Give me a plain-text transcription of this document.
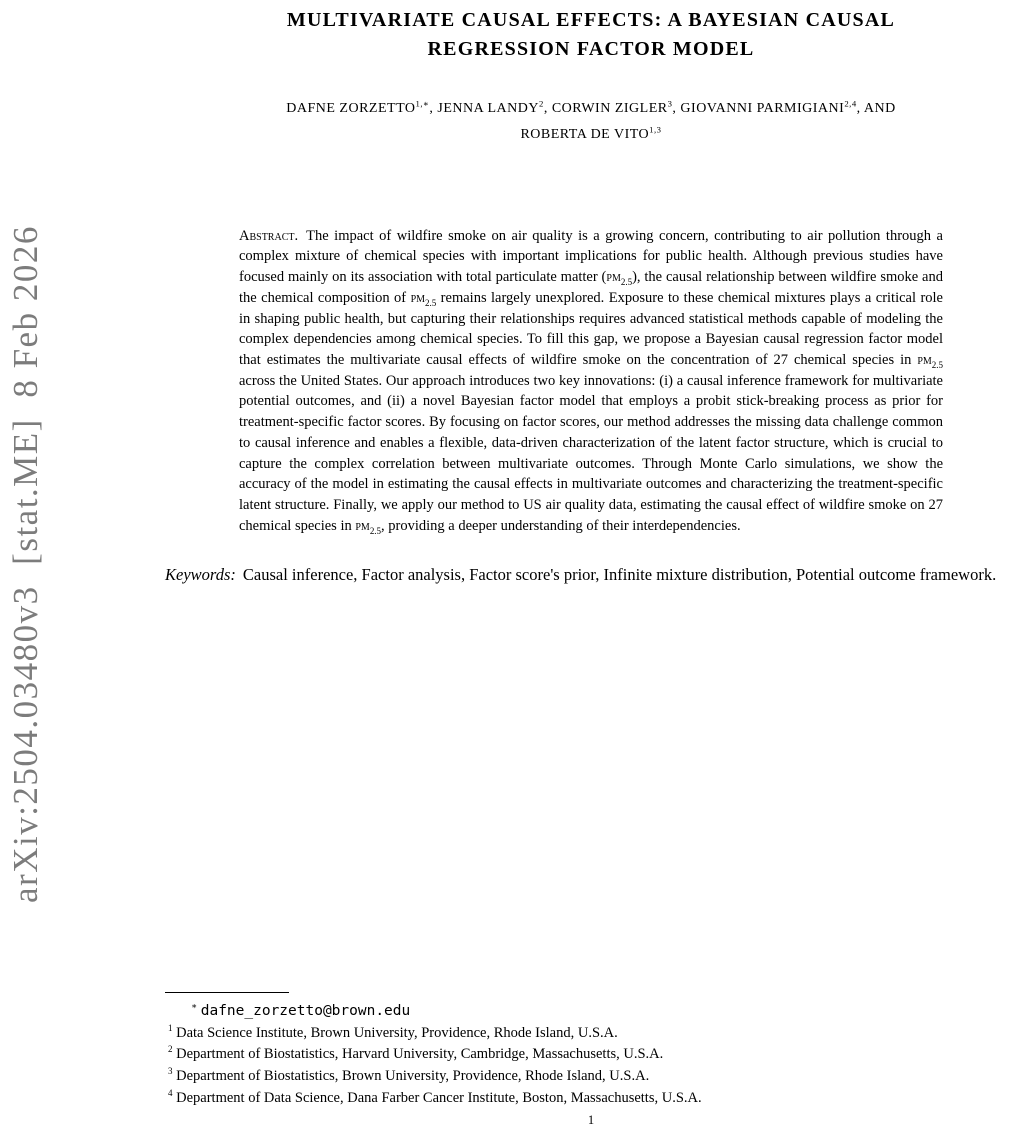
arXiv:2504.03480v3  [stat.ME]  8 Feb 2026
MULTIVARIATE CAUSAL EFFECTS: A BAYESIAN CAUSAL
REGRESSION FACTOR MODEL
DAFNE $ZORZETTO^{1,∗}$, JENNA LANDY$^2$, CORWIN ZIGLER$^3$, GIOVANNI PARMIGIANI$^{2,4}$, AND
ROBERTA DE VITO$^{1,3}$
Abstract. The impact of wildfire smoke on air quality is a growing concern, contributing to air pollution through a complex mixture of chemical species with important implications for public health. Although previous studies have focused mainly on its association with total particulate matter $(pm_{2.5})$, the causal relationship between wildfire smoke and the chemical composition of $pm_{2.5}$ remains largely unexplored. Exposure to these chemical mixtures plays a critical role in shaping public health, but capturing their relationships requires advanced statistical methods capable of modeling the complex dependencies among chemical species. To fill this gap, we propose a Bayesian causal regression factor model that estimates the multivariate causal effects of wildfire smoke on the concentration of 27 chemical species in $pm_{2.5}$ across the United States. Our approach introduces two key innovations: (i) a causal inference framework for multivariate potential outcomes, and (ii) a novel Bayesian factor model that employs a probit stick-breaking process as prior for treatment-specific factor scores. By focusing on factor scores, our method addresses the missing data challenge common to causal inference and enables a flexible, data-driven characterization of the latent factor structure, which is crucial to capture the complex correlation between multivariate outcomes. Through Monte Carlo simulations, we show the accuracy of the model in estimating the causal effects in multivariate outcomes and characterizing the treatment-specific latent structure. Finally, we apply our method to US air quality data, estimating the causal effect of wildfire smoke on 27 chemical species in $pm_{2.5}$, providing a deeper understanding of their interdependencies.
Keywords: Causal inference, Factor analysis, Factor score's prior, Infinite mixture distribution, Potential outcome framework.
∗ dafne_zorzetto@brown.edu
$^1$ Data Science Institute, Brown University, Providence, Rhode Island, U.S.A.
$^2$ Department of Biostatistics, Harvard University, Cambridge, Massachusetts, U.S.A.
$^3$ Department of Biostatistics, Brown University, Providence, Rhode Island, U.S.A.
$^4$ Department of Data Science, Dana Farber Cancer Institute, Boston, Massachusetts, U.S.A.
1
